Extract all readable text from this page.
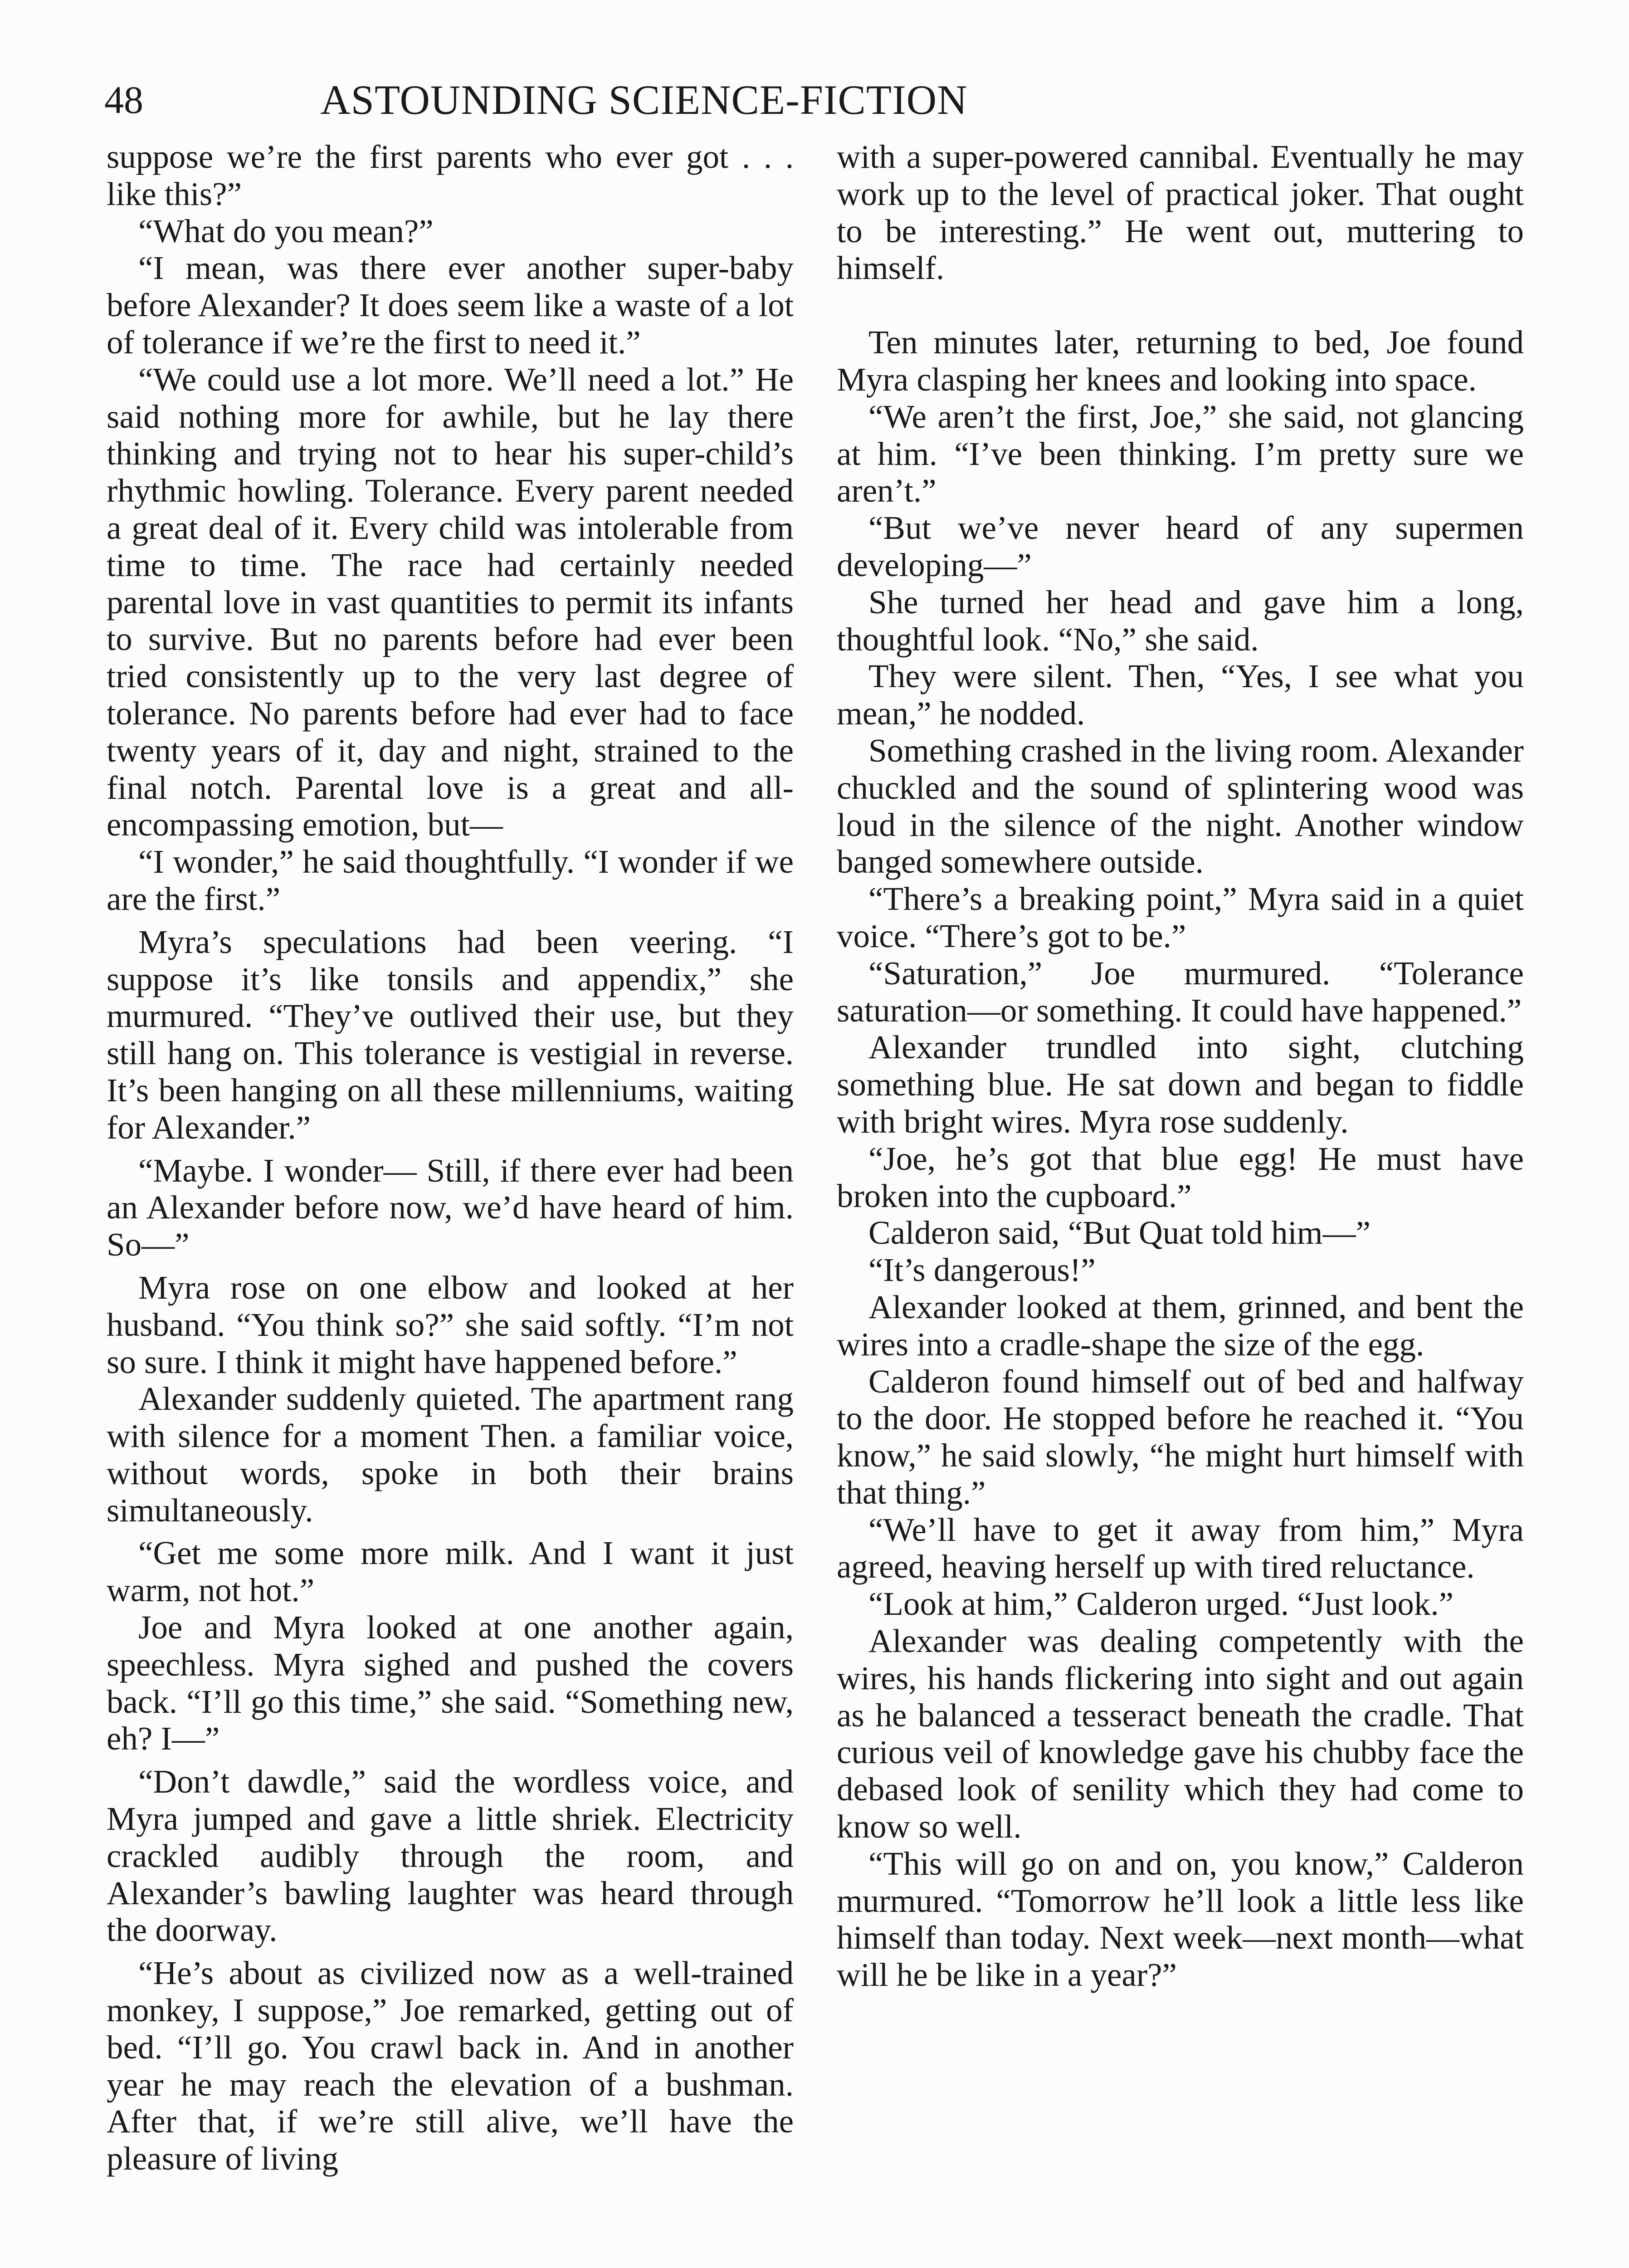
48	ASTOUNDING SCIENCE-FICTION

suppose we’re the first parents who ever got . . . like this?”

“What do you mean?”

“I mean, was there ever another super-baby before Alexander? It does seem like a waste of a lot of tolerance if we’re the first to need it.”

“We could use a lot more. We’ll need a lot.” He said nothing more for awhile, but he lay there thinking and trying not to hear his super-child’s rhythmic howling. Tolerance. Every parent needed a great deal of it. Every child was intolerable from time to time. The race had certainly needed parental love in vast quantities to permit its infants to survive. But no parents before had ever been tried consistently up to the very last degree of tolerance. No parents before had ever had to face twenty years of it, day and night, strained to the final notch. Parental love is a great and all-encompassing emotion, but—

“I wonder,” he said thoughtfully. “I wonder if we are the first.”

Myra’s speculations had been veering. “I suppose it’s like tonsils and appendix,” she murmured. “They’ve outlived their use, but they still hang on. This tolerance is vestigial in reverse. It’s been hanging on all these millenniums, waiting for Alexander.”

“Maybe. I wonder— Still, if there ever had been an Alexander before now, we’d have heard of him. So—”

Myra rose on one elbow and looked at her husband. “You think so?” she said softly. “I’m not so sure. I think it might have happened before.”

Alexander suddenly quieted. The apartment rang with silence for a moment Then. a familiar voice, without words, spoke in both their brains simultaneously.

“Get me some more milk. And I want it just warm, not hot.”

Joe and Myra looked at one another again, speechless. Myra sighed and pushed the covers back. “I’ll go this time,” she said. “Something new, eh? I—”

“Don’t dawdle,” said the wordless voice, and Myra jumped and gave a little shriek. Electricity crackled audibly through the room, and Alexander’s bawling laughter was heard through the doorway.

“He’s about as civilized now as a well-trained monkey, I suppose,” Joe remarked, getting out of bed. “I’ll go. You crawl back in. And in another year he may reach the elevation of a bushman. After that, if we’re still alive, we’ll have the pleasure of living

with a super-powered cannibal. Eventually he may work up to the level of practical joker. That ought to be interesting.” He went out, muttering to himself.

Ten minutes later, returning to bed, Joe found Myra clasping her knees and looking into space.

“We aren’t the first, Joe,” she said, not glancing at him. “I’ve been thinking. I’m pretty sure we aren’t.”

“But we’ve never heard of any supermen developing—”

She turned her head and gave him a long, thoughtful look. “No,” she said.

They were silent. Then, “Yes, I see what you mean,” he nodded.

Something crashed in the living room. Alexander chuckled and the sound of splintering wood was loud in the silence of the night. Another window banged somewhere outside.

“There’s a breaking point,” Myra said in a quiet voice. “There’s got to be.”

“Saturation,” Joe murmured. “Tolerance saturation—or something. It could have happened.”

Alexander trundled into sight, clutching something blue. He sat down and began to fiddle with bright wires. Myra rose suddenly.

“Joe, he’s got that blue egg! He must have broken into the cupboard.”

Calderon said, “But Quat told him—”

“It’s dangerous!”

Alexander looked at them, grinned, and bent the wires into a cradle-shape the size of the egg.

Calderon found himself out of bed and halfway to the door. He stopped before he reached it. “You know,” he said slowly, “he might hurt himself with that thing.”

“We’ll have to get it away from him,” Myra agreed, heaving herself up with tired reluctance.

“Look at him,” Calderon urged. “Just look.”

Alexander was dealing competently with the wires, his hands flickering into sight and out again as he balanced a tesseract beneath the cradle. That curious veil of knowledge gave his chubby face the debased look of senility which they had come to know so well.

“This will go on and on, you know,” Calderon murmured. “Tomorrow he’ll look a little less like himself than today. Next week—next month—what will he be like in a year?”
